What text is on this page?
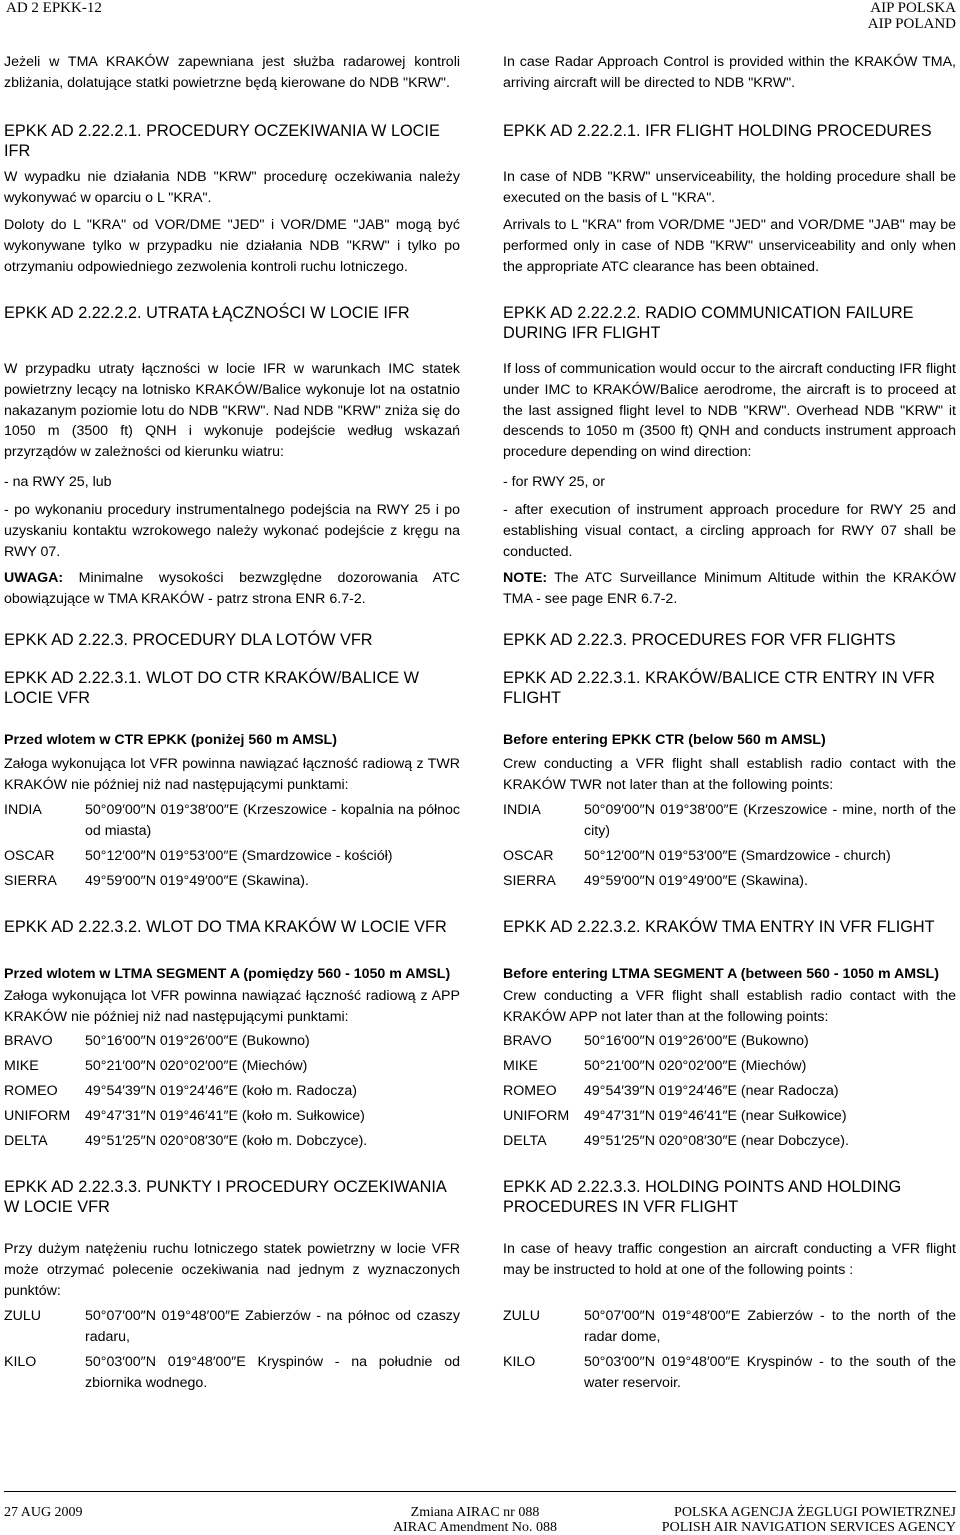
AD 2 EPKK-12	AIP POLSKA
AIP POLAND

Jeżeli w TMA KRAKÓW zapewniana jest służba radarowej kontroli zbliżania, dolatujące statki powietrzne będą kierowane do NDB "KRW".

EPKK AD 2.22.2.1. PROCEDURY OCZEKIWANIA W LOCIE IFR

W wypadku nie działania NDB "KRW" procedurę oczekiwania należy wykonywać w oparciu o L "KRA".

Doloty do L "KRA" od VOR/DME "JED" i VOR/DME "JAB" mogą być wykonywane tylko w przypadku nie działania NDB "KRW" i tylko po otrzymaniu odpowiedniego zezwolenia kontroli ruchu lotniczego.

EPKK AD 2.22.2.2. UTRATA ŁĄCZNOŚCI W LOCIE IFR

W przypadku utraty łączności w locie IFR w warunkach IMC statek powietrzny lecący na lotnisko KRAKÓW/Balice wykonuje lot na ostatnio nakazanym poziomie lotu do NDB "KRW". Nad NDB "KRW" zniża się do 1050 m (3500 ft) QNH i wykonuje podejście według wskazań przyrządów w zależności od kierunku wiatru:

- na RWY 25, lub

- po wykonaniu procedury instrumentalnego podejścia na RWY 25 i po uzyskaniu kontaktu wzrokowego należy wykonać podejście z kręgu na RWY 07.

UWAGA: Minimalne wysokości bezwzględne dozorowania ATC obowiązujące w TMA KRAKÓW - patrz strona ENR 6.7-2.

EPKK AD 2.22.3. PROCEDURY DLA LOTÓW VFR

EPKK AD 2.22.3.1. WLOT DO CTR KRAKÓW/BALICE W LOCIE VFR

Przed wlotem w CTR EPKK (poniżej 560 m AMSL)

Załoga wykonująca lot VFR powinna nawiązać łączność radiową z TWR KRAKÓW nie później niż nad następującymi punktami:

INDIA	50°09′00″N 019°38′00″E (Krzeszowice - kopalnia na północ od miasta)
OSCAR 50°12′00″N 019°53′00″E (Smardzowice - kościół)
SIERRA 49°59′00″N 019°49′00″E (Skawina).

EPKK AD 2.22.3.2. WLOT DO TMA KRAKÓW W LOCIE VFR

Przed wlotem w LTMA SEGMENT A (pomiędzy 560 - 1050 m AMSL)

Załoga wykonująca lot VFR powinna nawiązać łączność radiową z APP KRAKÓW nie później niż nad następującymi punktami:

BRAVO 50°16′00″N 019°26′00″E (Bukowno)
MIKE	50°21′00″N 020°02′00″E (Miechów)
ROMEO 49°54′39″N 019°24′46″E (koło m. Radocza)
UNIFORM 49°47′31″N 019°46′41″E (koło m. Sułkowice)
DELTA	49°51′25″N 020°08′30″E (koło m. Dobczyce).

EPKK AD 2.22.3.3. PUNKTY I PROCEDURY OCZEKIWANIA W LOCIE VFR

Przy dużym natężeniu ruchu lotniczego statek powietrzny w locie VFR może otrzymać polecenie oczekiwania nad jednym z wyznaczonych punktów:

ZULU	50°07′00″N 019°48′00″E Zabierzów - na północ od czaszy radaru,
KILO	50°03′00″N 019°48′00″E Kryspinów - na południe od zbiornika wodnego.

In case Radar Approach Control is provided within the KRAKÓW TMA, arriving aircraft will be directed to NDB "KRW".

EPKK AD 2.22.2.1. IFR FLIGHT HOLDING PROCEDURES

In case of NDB "KRW" unserviceability, the holding procedure shall be executed on the basis of L "KRA".

Arrivals to L "KRA" from VOR/DME "JED" and VOR/DME "JAB" may be performed only in case of NDB "KRW" unserviceability and only when the appropriate ATC clearance has been obtained.

EPKK AD 2.22.2.2. RADIO COMMUNICATION FAILURE DURING IFR FLIGHT

If loss of communication would occur to the aircraft conducting IFR flight under IMC to KRAKÓW/Balice aerodrome, the aircraft is to proceed at the last assigned flight level to NDB "KRW". Overhead NDB "KRW" it descends to 1050 m (3500 ft) QNH and conducts instrument approach procedure depending on wind direction:

- for RWY 25, or

- after execution of instrument approach procedure for RWY 25 and establishing visual contact, a circling approach for RWY 07 shall be conducted.

NOTE: The ATC Surveillance Minimum Altitude within the KRAKÓW TMA - see page ENR 6.7-2.

EPKK AD 2.22.3. PROCEDURES FOR VFR FLIGHTS

EPKK AD 2.22.3.1. KRAKÓW/BALICE CTR ENTRY IN VFR FLIGHT

Before entering EPKK CTR (below 560 m AMSL)

Crew conducting a VFR flight shall establish radio contact with the KRAKÓW TWR not later than at the following points:

INDIA	50°09′00″N 019°38′00″E (Krzeszowice - mine, north of the city)
OSCAR 50°12′00″N 019°53′00″E (Smardzowice - church)
SIERRA 49°59′00″N 019°49′00″E (Skawina).

EPKK AD 2.22.3.2. KRAKÓW TMA ENTRY IN VFR FLIGHT

Before entering LTMA SEGMENT A (between 560 - 1050 m AMSL)

Crew conducting a VFR flight shall establish radio contact with the KRAKÓW APP not later than at the following points:

BRAVO 50°16′00″N 019°26′00″E (Bukowno)
MIKE	50°21′00″N 020°02′00″E (Miechów)
ROMEO 49°54′39″N 019°24′46″E (near Radocza)
UNIFORM 49°47′31″N 019°46′41″E (near Sułkowice)
DELTA	49°51′25″N 020°08′30″E (near Dobczyce).

EPKK AD 2.22.3.3. HOLDING POINTS AND HOLDING PROCEDURES IN VFR FLIGHT

In case of heavy traffic congestion an aircraft conducting a VFR flight may be instructed to hold at one of the following points :

ZULU	50°07′00″N 019°48′00″E Zabierzów - to the north of the radar dome,
KILO	50°03′00″N 019°48′00″E Kryspinów - to the south of the water reservoir.
27 AUG 2009	Zmiana AIRAC nr 088
AIRAC Amendment No. 088
POLSKA AGENCJA ŻEGLUGI POWIETRZNEJ
POLISH AIR NAVIGATION SERVICES AGENCY
